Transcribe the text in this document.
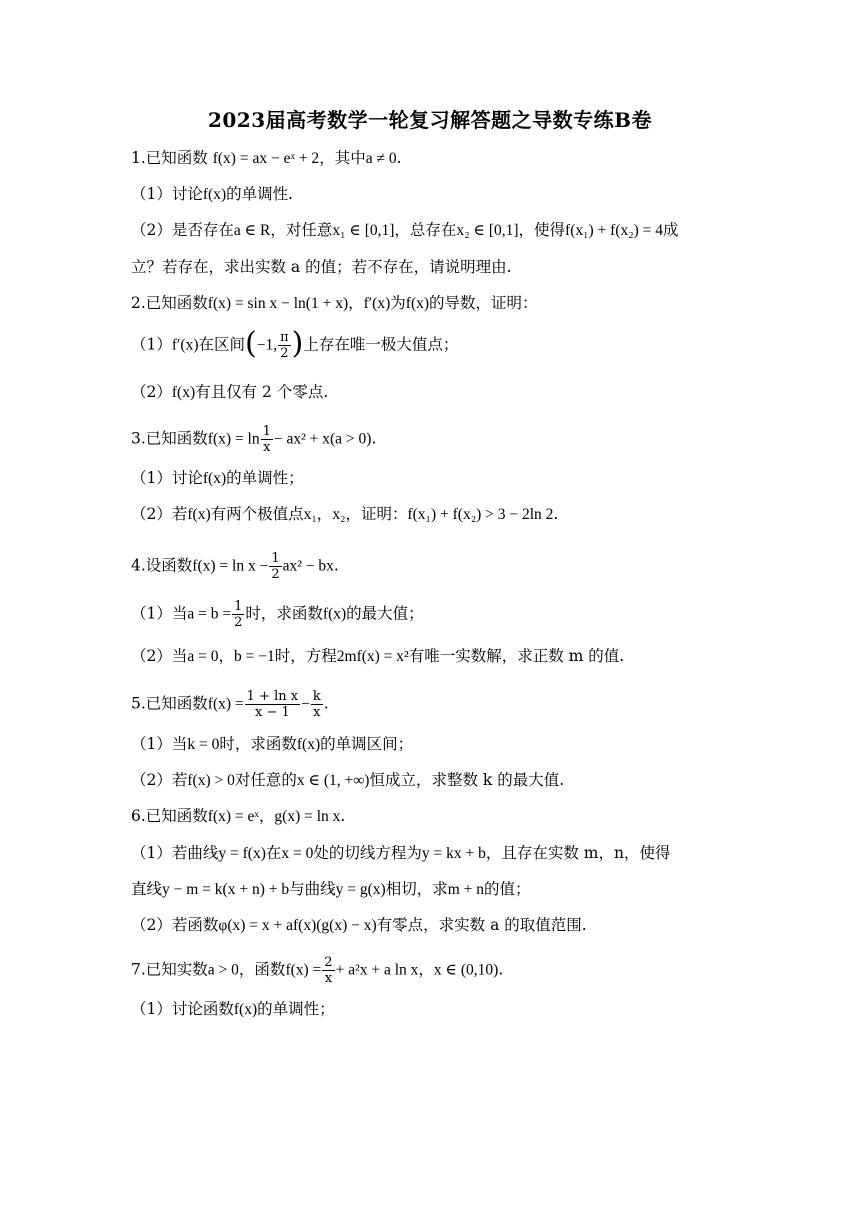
2023届高考数学一轮复习解答题之导数专练B卷
1.已知函数 f(x) = ax − eˣ + 2，其中a ≠ 0.
（1）讨论f(x)的单调性.
（2）是否存在a ∈ R，对任意x₁ ∈ [0,1]，总存在x₂ ∈ [0,1]，使得f(x₁) + f(x₂) = 4成
立？若存在，求出实数 a 的值；若不存在，请说明理由.
2.已知函数f(x) = sin x − ln(1 + x)，f′(x)为f(x)的导数，证明：
（1）f′(x)在区间(−1, $\frac{\pi}{2}$ )上存在唯一极大值点；
（2）f(x)有且仅有 2 个零点.
3.已知函数$f(x) = \ln \frac{1}{x} - ax^2 + x(a > 0)$.
（1）讨论f(x)的单调性；
（2）若f(x)有两个极值点x₁，x₂，证明：f(x₁) + f(x₂) > 3 − 2ln 2.
4.设函数$f(x) = \ln x - \frac{1}{2} ax^2$ − bx.
（1）当$a = b = \frac{1}{2}$ 时，求函数f(x)的最大值；
（2）当a = 0，b = −1时，方程2mf(x) = x²有唯一实数解，求正数 m 的值.
5.已知函数$f(x) = \frac{\text{1 + ln x}}{x - 1} - \frac{k}{x}$ .
（1）当k = 0时，求函数f(x)的单调区间；
（2）若f(x) > 0对任意的x ∈ (1, +∞)恒成立，求整数 k 的最大值.
6.已知函数f(x) = eˣ，g(x) = ln x.
（1）若曲线y = f(x)在x = 0处的切线方程为y = kx + b，且存在实数 m，n，使得
直线y − m = k(x + n) + b与曲线y = g(x)相切，求m + n的值；
（2）若函数φ(x) = x + af(x)(g(x) − x)有零点，求实数 a 的取值范围.
7.已知实数a > 0，函数$f(x) = \frac{2}{x} + a^2x + a$ ln x，x ∈ (0,10).
（1）讨论函数f(x)的单调性；
